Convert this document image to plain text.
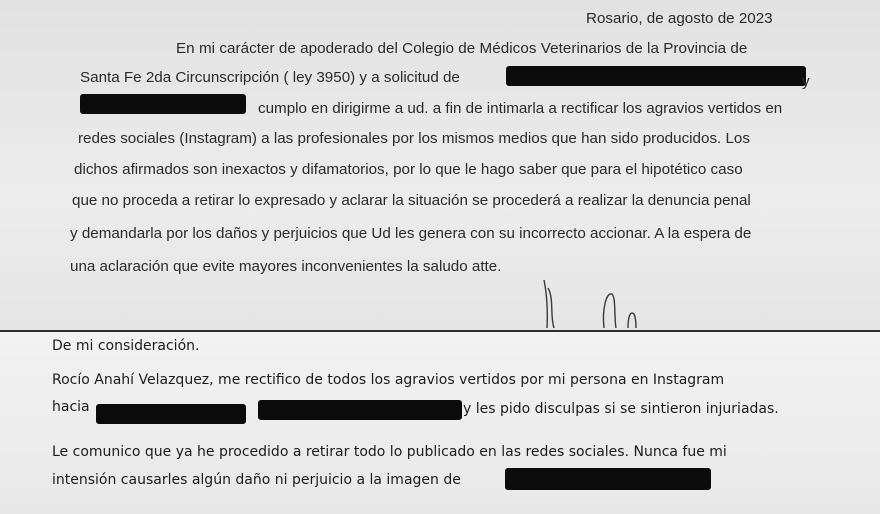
Rosario, de agosto de 2023
En mi carácter de apoderado del Colegio de Médicos Veterinarios de la Provincia de
Santa Fe 2da Circunscripción ( ley 3950) y a solicitud de	y
cumplo en dirigirme a ud. a fin de intimarla a rectificar los agravios vertidos en
redes sociales (Instagram) a las profesionales por los mismos medios que han sido producidos. Los
dichos afirmados son inexactos y difamatorios, por lo que le hago saber que para el hipotético caso
que no proceda a retirar lo expresado y aclarar la situación se procederá a realizar la denuncia penal
y demandarla por los daños y perjuicios que Ud les genera con su incorrecto accionar. A la espera de
una aclaración que evite mayores inconvenientes la saludo atte.
De mi consideración.
Rocío Anahí Velazquez, me rectifico de todos los agravios vertidos por mi persona en Instagram
hacia	y les pido disculpas si se sintieron injuriadas.
Le comunico que ya he procedido a retirar todo lo publicado en las redes sociales. Nunca fue mi
intensión causarles algún daño ni perjuicio a la imagen de
